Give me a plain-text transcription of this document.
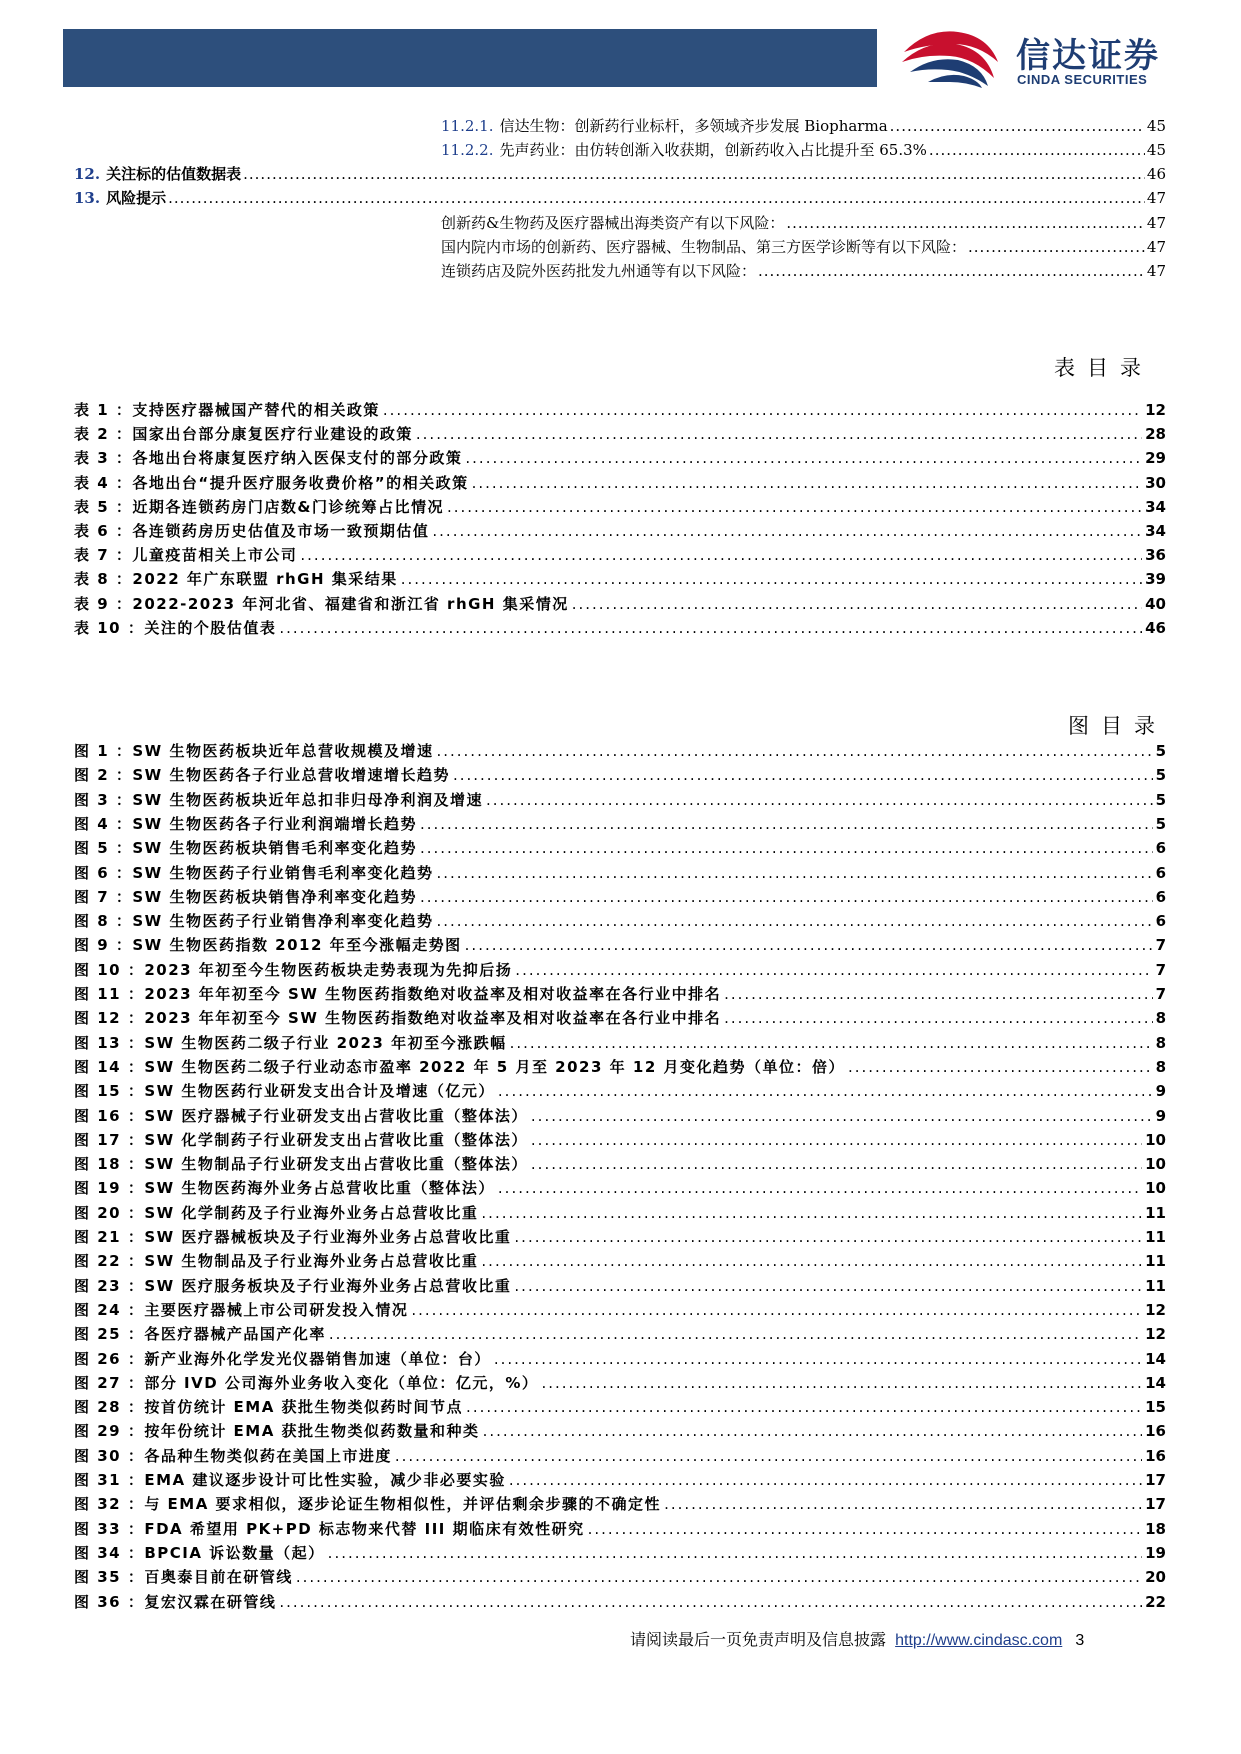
信达证券
CINDA SECURITIES
11.2.1. 信达生物：创新药行业标杆，多领域齐步发展 Biopharma .....	45
11.2.2. 先声药业：由仿转创渐入收获期，创新药收入占比提升至 65.3% .....	45
12. 关注标的估值数据表 .....	46
13. 风险提示 .....	47
创新药&生物药及医疗器械出海类资产有以下风险： .....	47
国内院内市场的创新药、医疗器械、生物制品、第三方医学诊断等有以下风险： .....	47
连锁药店及院外医药批发九州通等有以下风险： .....	47
表目录
表 1 ：支持医疗器械国产替代的相关政策 .....	12
表 2 ：国家出台部分康复医疗行业建设的政策 .....	28
表 3 ：各地出台将康复医疗纳入医保支付的部分政策 .....	29
表 4 ：各地出台“提升医疗服务收费价格”的相关政策 .....	30
表 5 ：近期各连锁药房门店数&门诊统筹占比情况 .....	34
表 6 ：各连锁药房历史估值及市场一致预期估值 .....	34
表 7 ：儿童疫苗相关上市公司 .....	36
表 8 ：2022 年广东联盟 rhGH 集采结果 .....	39
表 9 ：2022-2023 年河北省、福建省和浙江省 rhGH 集采情况 .....	40
表 10 ：关注的个股估值表 .....	46
图目录
图 1 ：SW 生物医药板块近年总营收规模及增速 .....	5
图 2 ：SW 生物医药各子行业总营收增速增长趋势 .....	5
图 3 ：SW 生物医药板块近年总扣非归母净利润及增速 .....	5
图 4 ：SW 生物医药各子行业利润端增长趋势 .....	5
图 5 ：SW 生物医药板块销售毛利率变化趋势 .....	6
图 6 ：SW 生物医药子行业销售毛利率变化趋势 .....	6
图 7 ：SW 生物医药板块销售净利率变化趋势 .....	6
图 8 ：SW 生物医药子行业销售净利率变化趋势 .....	6
图 9 ：SW 生物医药指数 2012 年至今涨幅走势图 .....	7
图 10 ：2023 年初至今生物医药板块走势表现为先抑后扬 .....	7
图 11 ：2023 年年初至今 SW 生物医药指数绝对收益率及相对收益率在各行业中排名 .....	7
图 12 ：2023 年年初至今 SW 生物医药指数绝对收益率及相对收益率在各行业中排名 .....	8
图 13 ：SW 生物医药二级子行业 2023 年初至今涨跌幅 .....	8
图 14 ：SW 生物医药二级子行业动态市盈率 2022 年 5 月至 2023 年 12 月变化趋势（单位：倍） .....	8
图 15 ：SW 生物医药行业研发支出合计及增速（亿元） .....	9
图 16 ：SW 医疗器械子行业研发支出占营收比重（整体法） .....	9
图 17 ：SW 化学制药子行业研发支出占营收比重（整体法） .....	10
图 18 ：SW 生物制品子行业研发支出占营收比重（整体法） .....	10
图 19 ：SW 生物医药海外业务占总营收比重（整体法） .....	10
图 20 ：SW 化学制药及子行业海外业务占总营收比重 .....	11
图 21 ：SW 医疗器械板块及子行业海外业务占总营收比重 .....	11
图 22 ：SW 生物制品及子行业海外业务占总营收比重 .....	11
图 23 ：SW 医疗服务板块及子行业海外业务占总营收比重 .....	11
图 24 ：主要医疗器械上市公司研发投入情况 .....	12
图 25 ：各医疗器械产品国产化率 .....	12
图 26 ：新产业海外化学发光仪器销售加速（单位：台） .....	14
图 27 ：部分 IVD 公司海外业务收入变化（单位：亿元，%） .....	14
图 28 ：按首仿统计 EMA 获批生物类似药时间节点 .....	15
图 29 ：按年份统计 EMA 获批生物类似药数量和种类 .....	16
图 30 ：各品种生物类似药在美国上市进度 .....	16
图 31 ：EMA 建议逐步设计可比性实验，减少非必要实验 .....	17
图 32 ：与 EMA 要求相似，逐步论证生物相似性，并评估剩余步骤的不确定性 .....	17
图 33 ：FDA 希望用 PK+PD 标志物来代替 III 期临床有效性研究 .....	18
图 34 ：BPCIA 诉讼数量（起） .....	19
图 35 ：百奥泰目前在研管线 .....	20
图 36 ：复宏汉霖在研管线 .....	22
请阅读最后一页免责声明及信息披露 http://www.cindasc.com 3
